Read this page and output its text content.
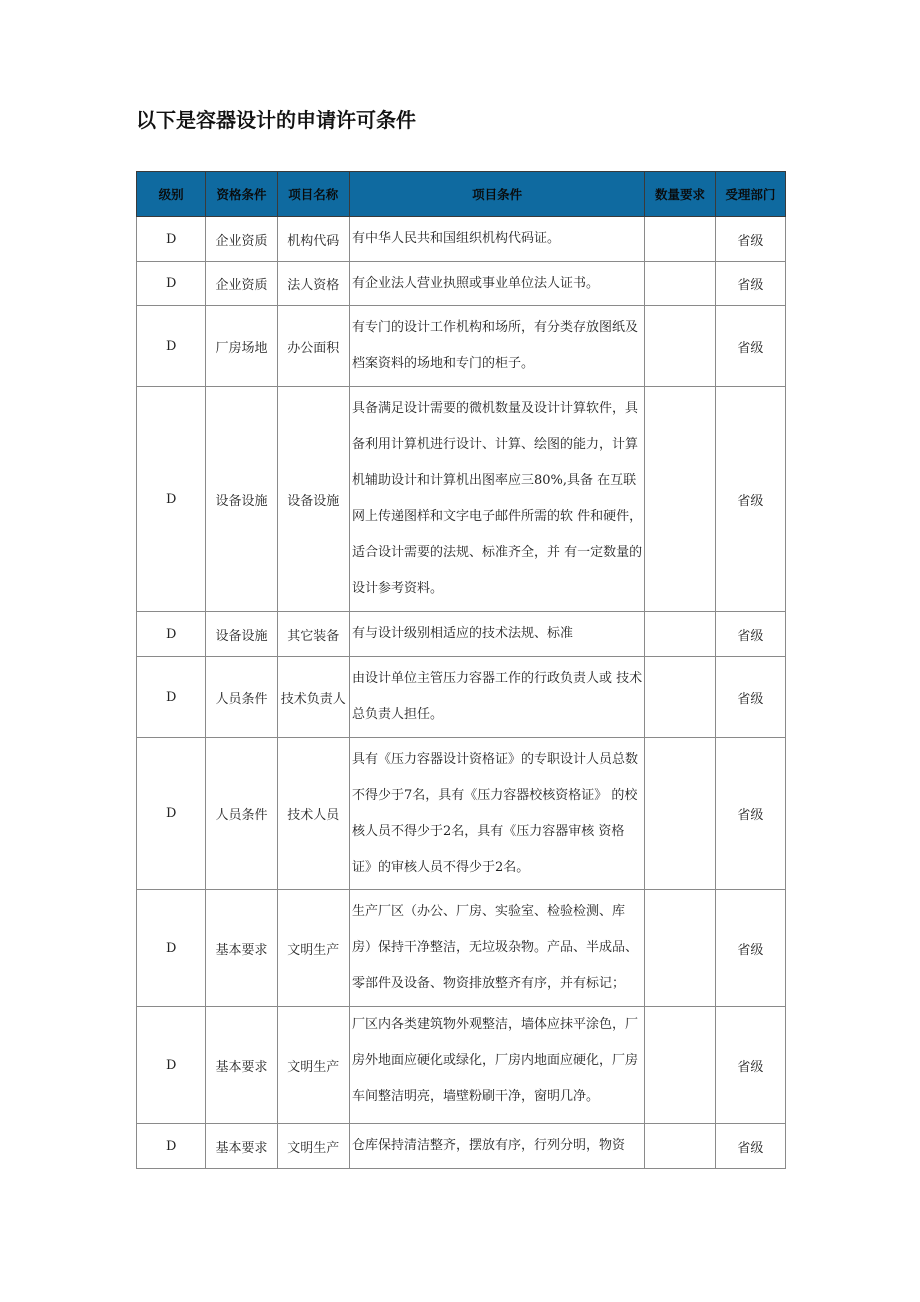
以下是容器设计的申请许可条件
级别	资格条件	项目名称	项目条件	数量要求	受理部门
D	企业资质	机构代码	有中华人民共和国组织机构代码证。		省级
D	企业资质	法人资格	有企业法人营业执照或事业单位法人证书。		省级
D	厂房场地	办公面积	有专门的设计工作机构和场所，有分类存放图纸及档案资料的场地和专门的柜子。		省级
D	设备设施	设备设施	具备满足设计需要的微机数量及设计计算软件，具备利用计算机进行设计、计算、绘图的能力，计算机辅助设计和计算机出图率应三80%,具备 在互联网上传递图样和文字电子邮件所需的软 件和硬件，适合设计需要的法规、标准齐全，并 有一定数量的设计参考资料。		省级
D	设备设施	其它装备	有与设计级别相适应的技术法规、标准		省级
D	人员条件	技术负责人	由设计单位主管压力容器工作的行政负责人或 技术总负责人担任。		省级
D	人员条件	技术人员	具有《压力容器设计资格证》的专职设计人员总数不得少于7名，具有《压力容器校核资格证》 的校核人员不得少于2名，具有《压力容器审核 资格证》的审核人员不得少于2名。		省级
D	基本要求	文明生产	生产厂区（办公、厂房、实验室、检验检测、库房）保持干净整洁，无垃圾杂物。产品、半成品、零部件及设备、物资排放整齐有序，并有标记；		省级
D	基本要求	文明生产	厂区内各类建筑物外观整洁，墙体应抹平涂色，厂房外地面应硬化或绿化，厂房内地面应硬化，厂房车间整洁明亮，墙壁粉刷干净，窗明几净。		省级
D	基本要求	文明生产	仓库保持清洁整齐，摆放有序，行列分明，物资		省级
